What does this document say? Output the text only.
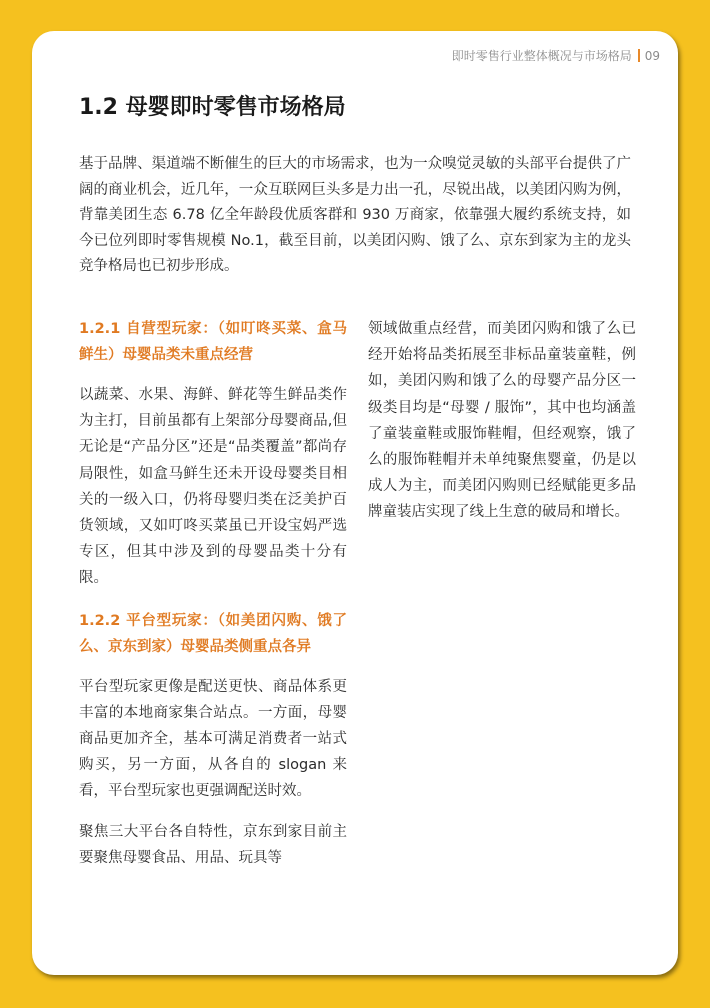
即时零售行业整体概况与市场格局 09
1.2 母婴即时零售市场格局

基于品牌、渠道端不断催生的巨大的市场需求，也为一众嗅觉灵敏的头部平台提供了广阔的商业机会，近几年，一众互联网巨头多是力出一孔，尽锐出战，以美团闪购为例，背靠美团生态 6.78 亿全年龄段优质客群和 930 万商家，依靠强大履约系统支持，如今已位列即时零售规模 No.1，截至目前，以美团闪购、饿了么、京东到家为主的龙头竞争格局也已初步形成。

1.2.1 自营型玩家：（如叮咚买菜、盒马鲜生）母婴品类未重点经营

以蔬菜、水果、海鲜、鲜花等生鲜品类作为主打，目前虽都有上架部分母婴商品,但无论是“产品分区”还是“品类覆盖”都尚存局限性，如盒马鲜生还未开设母婴类目相关的一级入口，仍将母婴归类在泛美护百货领域，又如叮咚买菜虽已开设宝妈严选专区，但其中涉及到的母婴品类十分有限。

1.2.2 平台型玩家：（如美团闪购、饿了么、京东到家）母婴品类侧重点各异

平台型玩家更像是配送更快、商品体系更丰富的本地商家集合站点。一方面，母婴商品更加齐全，基本可满足消费者一站式购买，另一方面，从各自的 slogan 来看，平台型玩家也更强调配送时效。

聚焦三大平台各自特性，京东到家目前主要聚焦母婴食品、用品、玩具等

领域做重点经营，而美团闪购和饿了么已经开始将品类拓展至非标品童装童鞋，例如，美团闪购和饿了么的母婴产品分区一级类目均是“母婴 / 服饰”，其中也均涵盖了童装童鞋或服饰鞋帽，但经观察，饿了么的服饰鞋帽并未单纯聚焦婴童，仍是以成人为主，而美团闪购则已经赋能更多品牌童装店实现了线上生意的破局和增长。
